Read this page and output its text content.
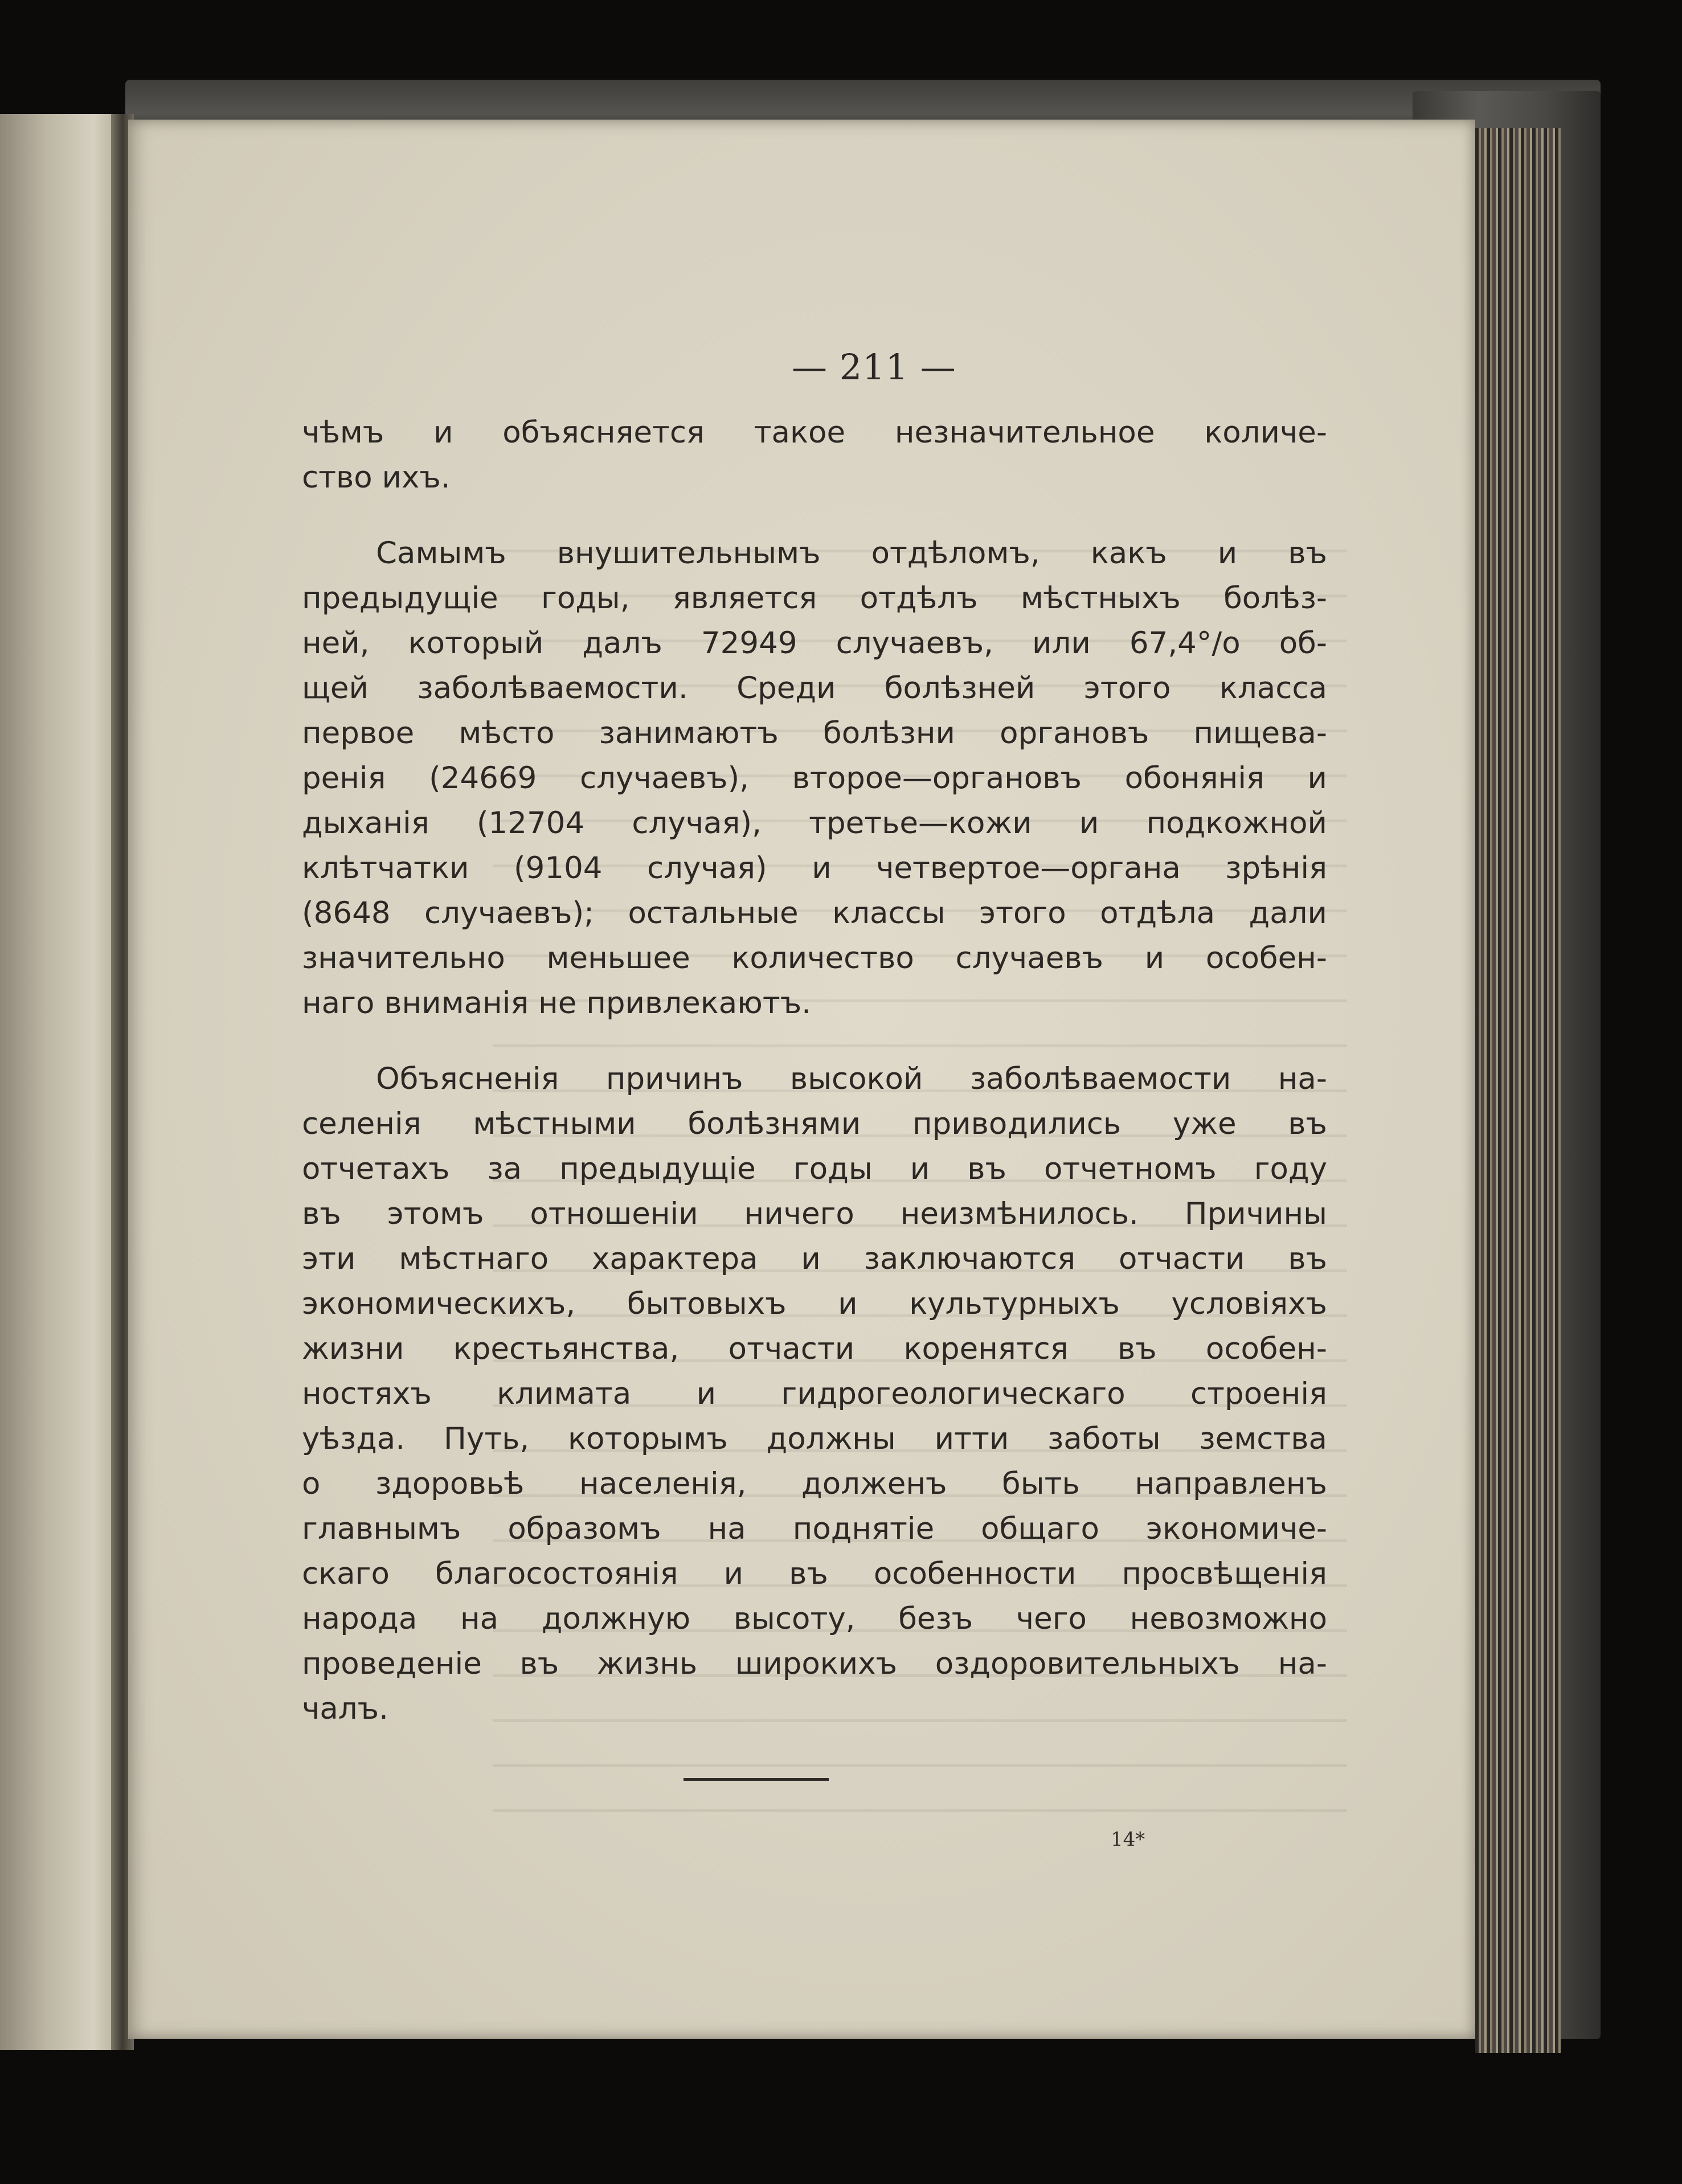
— 211 —
чѣмъ и объясняется такое незначительное количе-
ство ихъ.
Самымъ внушительнымъ отдѣломъ, какъ и въ
предыдущіе годы, является отдѣлъ мѣстныхъ болѣз-
ней, который далъ 72949 случаевъ, или 67,4°/о об-
щей заболѣваемости. Среди болѣзней этого класса
первое мѣсто занимаютъ болѣзни органовъ пищева-
ренія (24669 случаевъ), второе—органовъ обонянія и
дыханія (12704 случая), третье—кожи и подкожной
клѣтчатки (9104 случая) и четвертое—органа зрѣнія
(8648 случаевъ); остальные классы этого отдѣла дали
значительно меньшее количество случаевъ и особен-
наго вниманія не привлекаютъ.
Объясненія причинъ высокой заболѣваемости на-
селенія мѣстными болѣзнями приводились уже въ
отчетахъ за предыдущіе годы и въ отчетномъ году
въ этомъ отношеніи ничего неизмѣнилось. Причины
эти мѣстнаго характера и заключаются отчасти въ
экономическихъ, бытовыхъ и культурныхъ условіяхъ
жизни крестьянства, отчасти коренятся въ особен-
ностяхъ климата и гидрогеологическаго строенія
уѣзда. Путь, которымъ должны итти заботы земства
о здоровьѣ населенія, долженъ быть направленъ
главнымъ образомъ на поднятіе общаго экономиче-
скаго благосостоянія и въ особенности просвѣщенія
народа на должную высоту, безъ чего невозможно
проведеніе въ жизнь широкихъ оздоровительныхъ на-
чалъ.
14*
